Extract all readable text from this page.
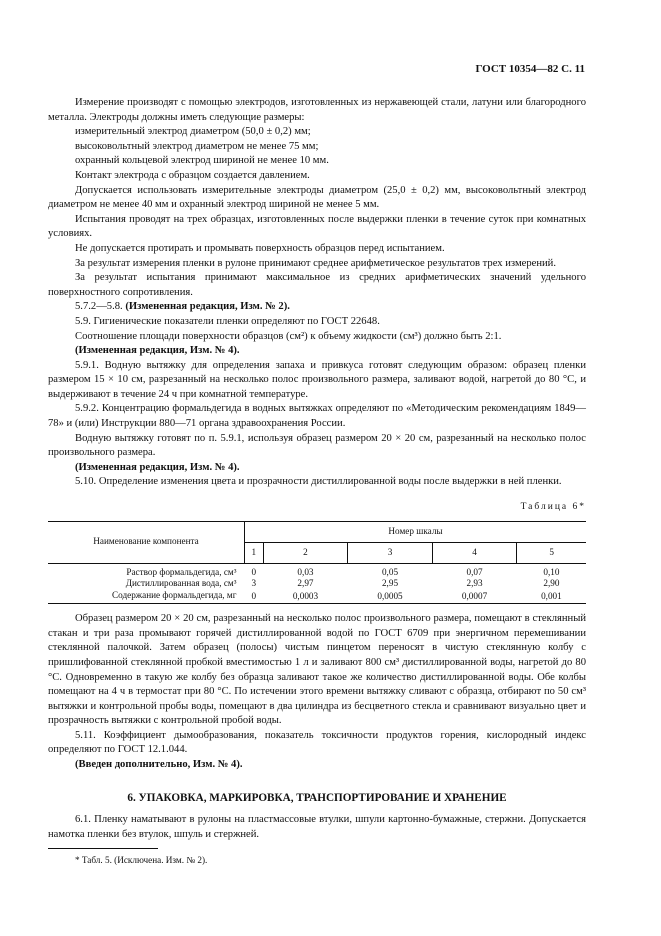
ГОСТ 10354—82 С. 11

Измерение производят с помощью электродов, изготовленных из нержавеющей стали, латуни или благородного металла. Электроды должны иметь следующие размеры:

измерительный электрод диаметром (50,0 ± 0,2) мм;

высоковольтный электрод диаметром не менее 75 мм;

охранный кольцевой электрод шириной не менее 10 мм.

Контакт электрода с образцом создается давлением.

Допускается использовать измерительные электроды диаметром (25,0 ± 0,2) мм, высоковольтный электрод диаметром не менее 40 мм и охранный электрод шириной не менее 5 мм.

Испытания проводят на трех образцах, изготовленных после выдержки пленки в течение суток при комнатных условиях.

Не допускается протирать и промывать поверхность образцов перед испытанием.

За результат измерения пленки в рулоне принимают среднее арифметическое результатов трех измерений.

За результат испытания принимают максимальное из средних арифметических значений удельного поверхностного сопротивления.

5.7.2—5.8. (Измененная редакция, Изм. № 2).

5.9. Гигиенические показатели пленки определяют по ГОСТ 22648.

Соотношение площади поверхности образцов (см²) к объему жидкости (см³) должно быть 2:1.

(Измененная редакция, Изм. № 4).

5.9.1. Водную вытяжку для определения запаха и привкуса готовят следующим образом: образец пленки размером 15 × 10 см, разрезанный на несколько полос произвольного размера, заливают водой, нагретой до 80 °С, и выдерживают в течение 24 ч при комнатной температуре.

5.9.2. Концентрацию формальдегида в водных вытяжках определяют по «Методическим рекомендациям 1849—78» и (или) Инструкции 880—71 органа здравоохранения России.

Водную вытяжку готовят по п. 5.9.1, используя образец размером 20 × 20 см, разрезанный на несколько полос произвольного размера.

(Измененная редакция, Изм. № 4).

5.10. Определение изменения цвета и прозрачности дистиллированной воды после выдержки в ней пленки.

Таблица 6*
Наименование компонента	Номер шкалы				
	1	2	3	4	5
Раствор формальдегида, см³	0	0,03	0,05	0,07	0,10
Дистиллированная вода, см³	3	2,97	2,95	2,93	2,90
Содержание формальдегида, мг	0	0,0003	0,0005	0,0007	0,001

Образец размером 20 × 20 см, разрезанный на несколько полос произвольного размера, помещают в стеклянный стакан и три раза промывают горячей дистиллированной водой по ГОСТ 6709 при энергичном перемешивании стеклянной палочкой. Затем образец (полосы) чистым пинцетом переносят в чистую стеклянную колбу с пришлифованной стеклянной пробкой вместимостью 1 л и заливают 800 см³ дистиллированной воды, нагретой до 80 °С. Одновременно в такую же колбу без образца заливают такое же количество дистиллированной воды. Обе колбы помещают на 4 ч в термостат при 80 °С. По истечении этого времени вытяжку сливают с образца, отбирают по 50 см³ вытяжки и контрольной пробы воды, помещают в два цилиндра из бесцветного стекла и сравнивают визуально цвет и прозрачность вытяжки с контрольной пробой воды.

5.11. Коэффициент дымообразования, показатель токсичности продуктов горения, кислородный индекс определяют по ГОСТ 12.1.044.

(Введен дополнительно, Изм. № 4).

6. УПАКОВКА, МАРКИРОВКА, ТРАНСПОРТИРОВАНИЕ И ХРАНЕНИЕ

6.1. Пленку наматывают в рулоны на пластмассовые втулки, шпули картонно-бумажные, стержни. Допускается намотка пленки без втулок, шпуль и стержней.

* Табл. 5. (Исключена. Изм. № 2).
